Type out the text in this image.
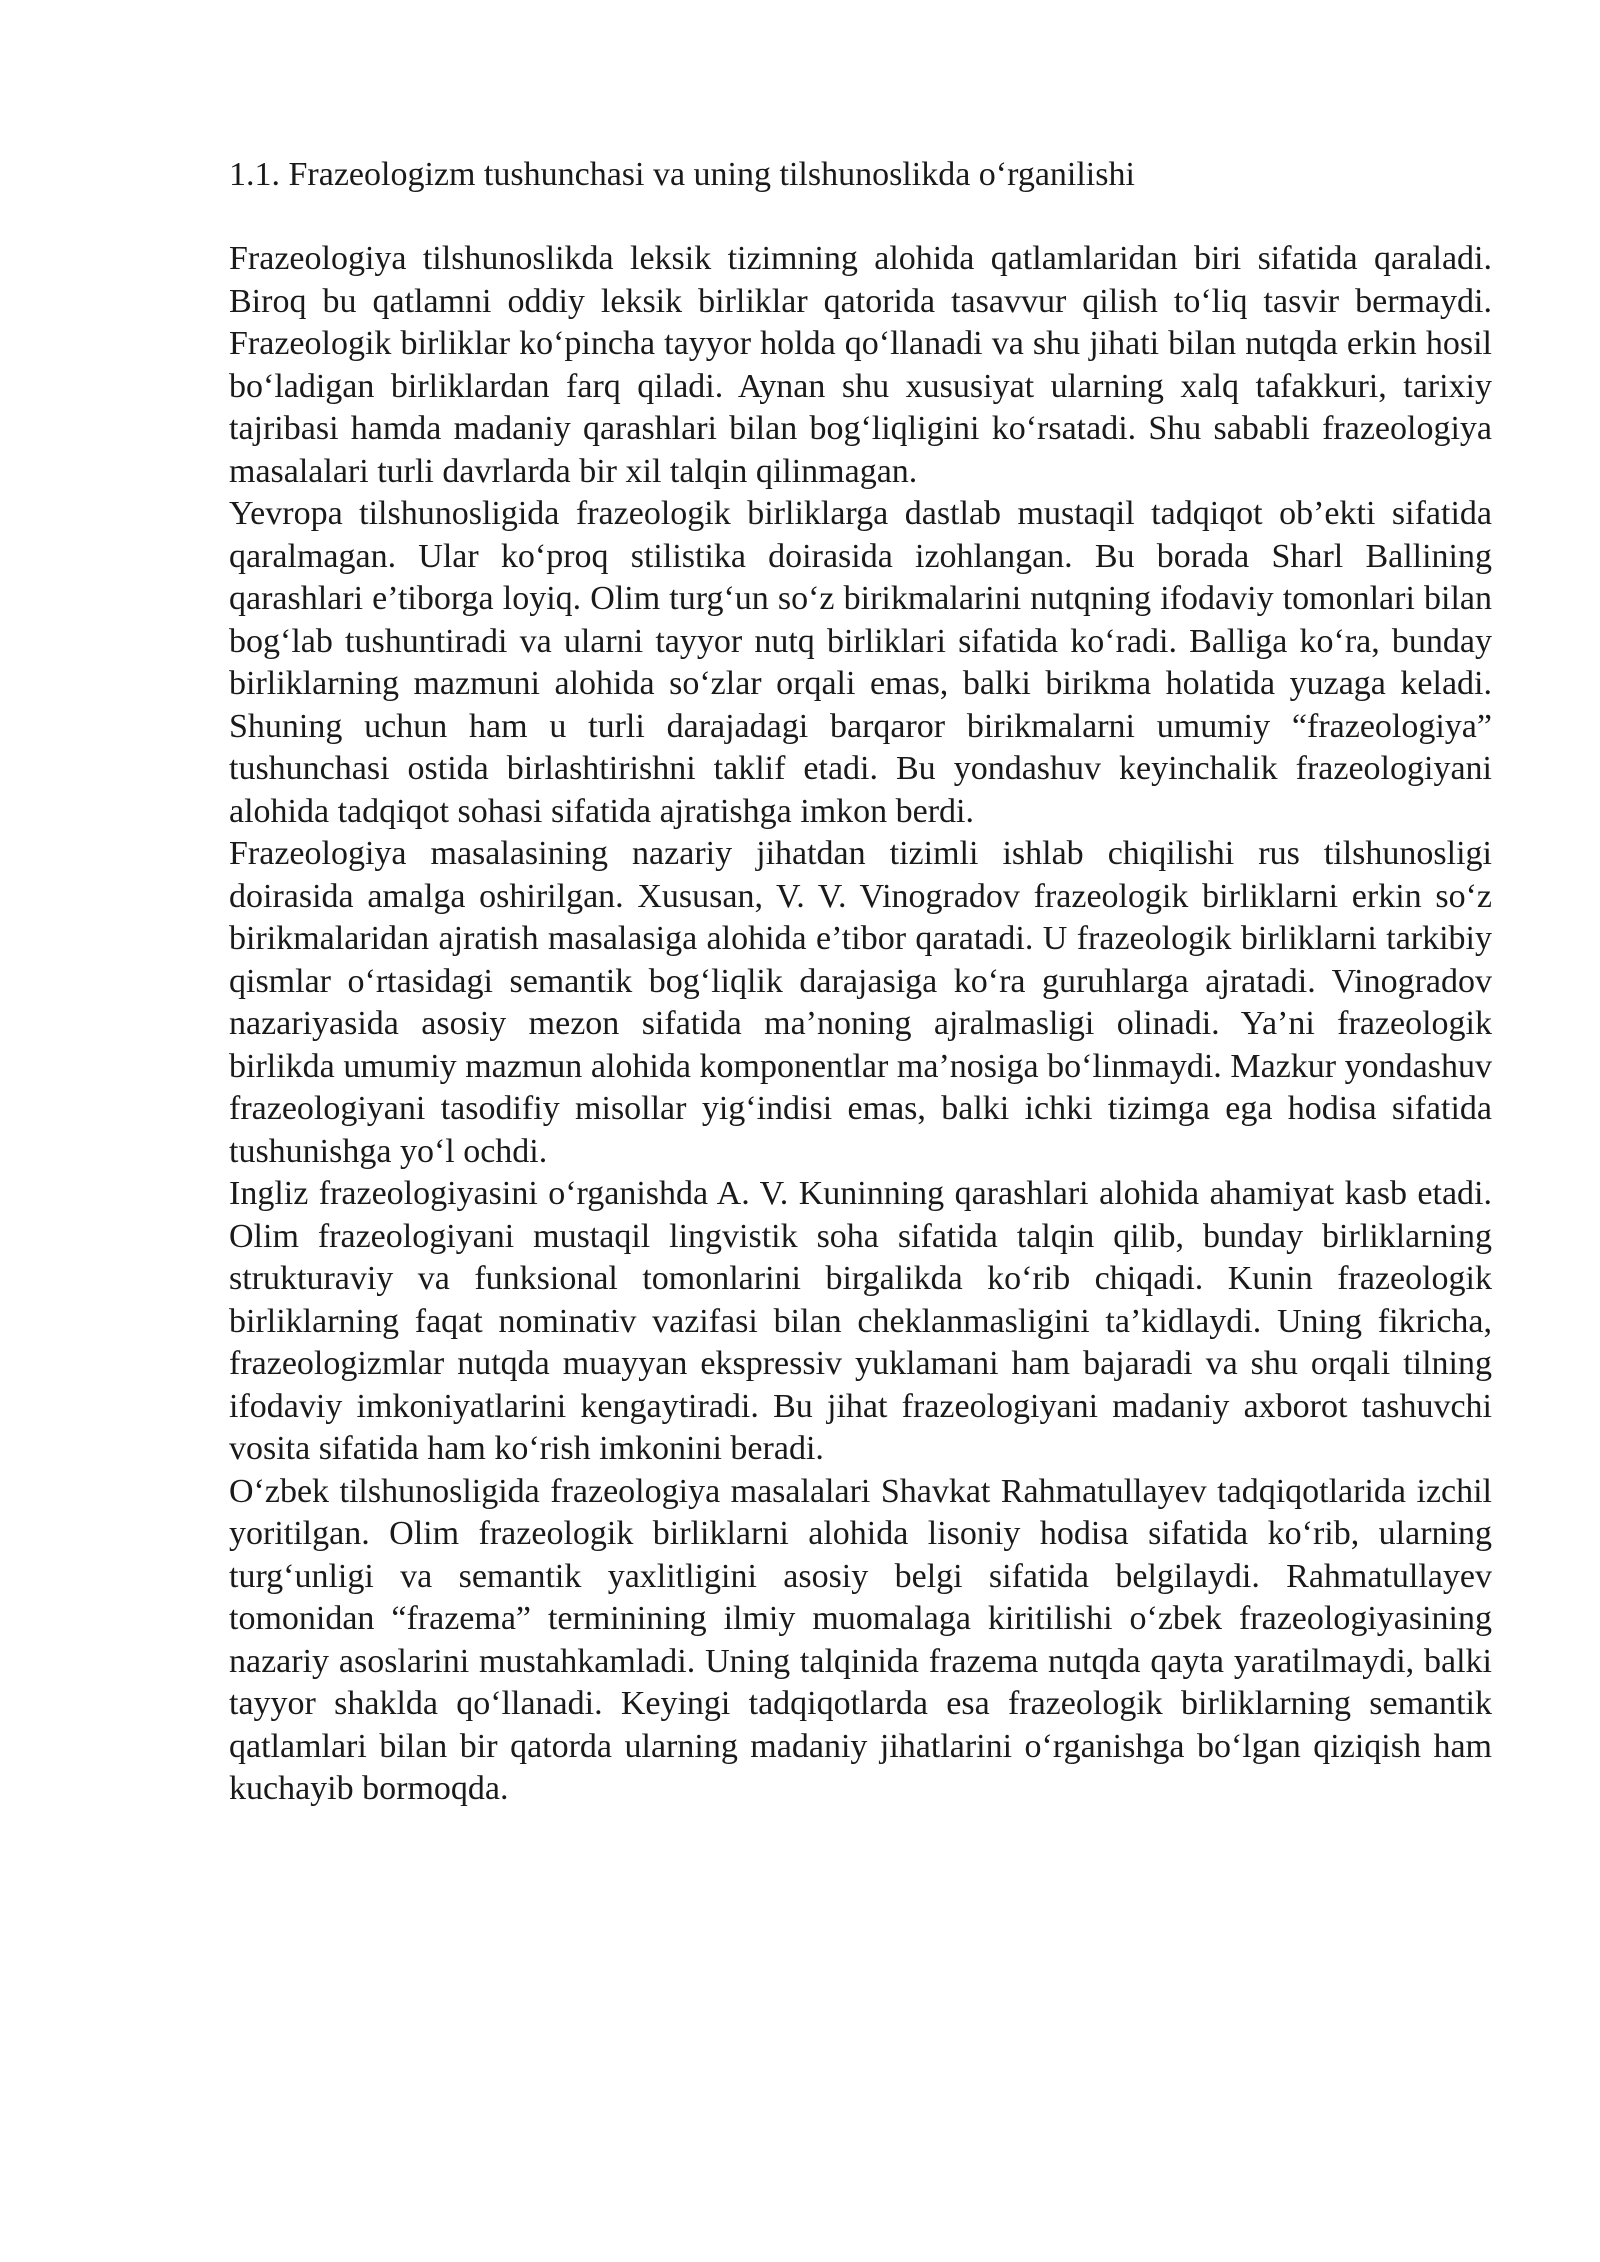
1.1. Frazeologizm tushunchasi va uning tilshunoslikda o‘rganilishi

Frazeologiya tilshunoslikda leksik tizimning alohida qatlamlaridan biri sifatida qaraladi. Biroq bu qatlamni oddiy leksik birliklar qatorida tasavvur qilish to‘liq tasvir bermaydi. Frazeologik birliklar ko‘pincha tayyor holda qo‘llanadi va shu jihati bilan nutqda erkin hosil bo‘ladigan birliklardan farq qiladi. Aynan shu xususiyat ularning xalq tafakkuri, tarixiy tajribasi hamda madaniy qarashlari bilan bog‘liqligini ko‘rsatadi. Shu sababli frazeologiya masalalari turli davrlarda bir xil talqin qilinmagan.

Yevropa tilshunosligida frazeologik birliklarga dastlab mustaqil tadqiqot ob’ekti sifatida qaralmagan. Ular ko‘proq stilistika doirasida izohlangan. Bu borada Sharl Ballining qarashlari e’tiborga loyiq. Olim turg‘un so‘z birikmalarini nutqning ifodaviy tomonlari bilan bog‘lab tushuntiradi va ularni tayyor nutq birliklari sifatida ko‘radi. Balliga ko‘ra, bunday birliklarning mazmuni alohida so‘zlar orqali emas, balki birikma holatida yuzaga keladi. Shuning uchun ham u turli darajadagi barqaror birikmalarni umumiy “frazeologiya” tushunchasi ostida birlashtirishni taklif etadi. Bu yondashuv keyinchalik frazeologiyani alohida tadqiqot sohasi sifatida ajratishga imkon berdi.

Frazeologiya masalasining nazariy jihatdan tizimli ishlab chiqilishi rus tilshunosligi doirasida amalga oshirilgan. Xususan, V. V. Vinogradov frazeologik birliklarni erkin so‘z birikmalaridan ajratish masalasiga alohida e’tibor qaratadi. U frazeologik birliklarni tarkibiy qismlar o‘rtasidagi semantik bog‘liqlik darajasiga ko‘ra guruhlarga ajratadi. Vinogradov nazariyasida asosiy mezon sifatida ma’noning ajralmasligi olinadi. Ya’ni frazeologik birlikda umumiy mazmun alohida komponentlar ma’nosiga bo‘linmaydi. Mazkur yondashuv frazeologiyani tasodifiy misollar yig‘indisi emas, balki ichki tizimga ega hodisa sifatida tushunishga yo‘l ochdi.

Ingliz frazeologiyasini o‘rganishda A. V. Kuninning qarashlari alohida ahamiyat kasb etadi. Olim frazeologiyani mustaqil lingvistik soha sifatida talqin qilib, bunday birliklarning strukturaviy va funksional tomonlarini birgalikda ko‘rib chiqadi. Kunin frazeologik birliklarning faqat nominativ vazifasi bilan cheklanmasligini ta’kidlaydi. Uning fikricha, frazeologizmlar nutqda muayyan ekspressiv yuklamani ham bajaradi va shu orqali tilning ifodaviy imkoniyatlarini kengaytiradi. Bu jihat frazeologiyani madaniy axborot tashuvchi vosita sifatida ham ko‘rish imkonini beradi.

O‘zbek tilshunosligida frazeologiya masalalari Shavkat Rahmatullayev tadqiqotlarida izchil yoritilgan. Olim frazeologik birliklarni alohida lisoniy hodisa sifatida ko‘rib, ularning turg‘unligi va semantik yaxlitligini asosiy belgi sifatida belgilaydi. Rahmatullayev tomonidan “frazema” terminining ilmiy muomalaga kiritilishi o‘zbek frazeologiyasining nazariy asoslarini mustahkamladi. Uning talqinida frazema nutqda qayta yaratilmaydi, balki tayyor shaklda qo‘llanadi. Keyingi tadqiqotlarda esa frazeologik birliklarning semantik qatlamlari bilan bir qatorda ularning madaniy jihatlarini o‘rganishga bo‘lgan qiziqish ham kuchayib bormoqda.
